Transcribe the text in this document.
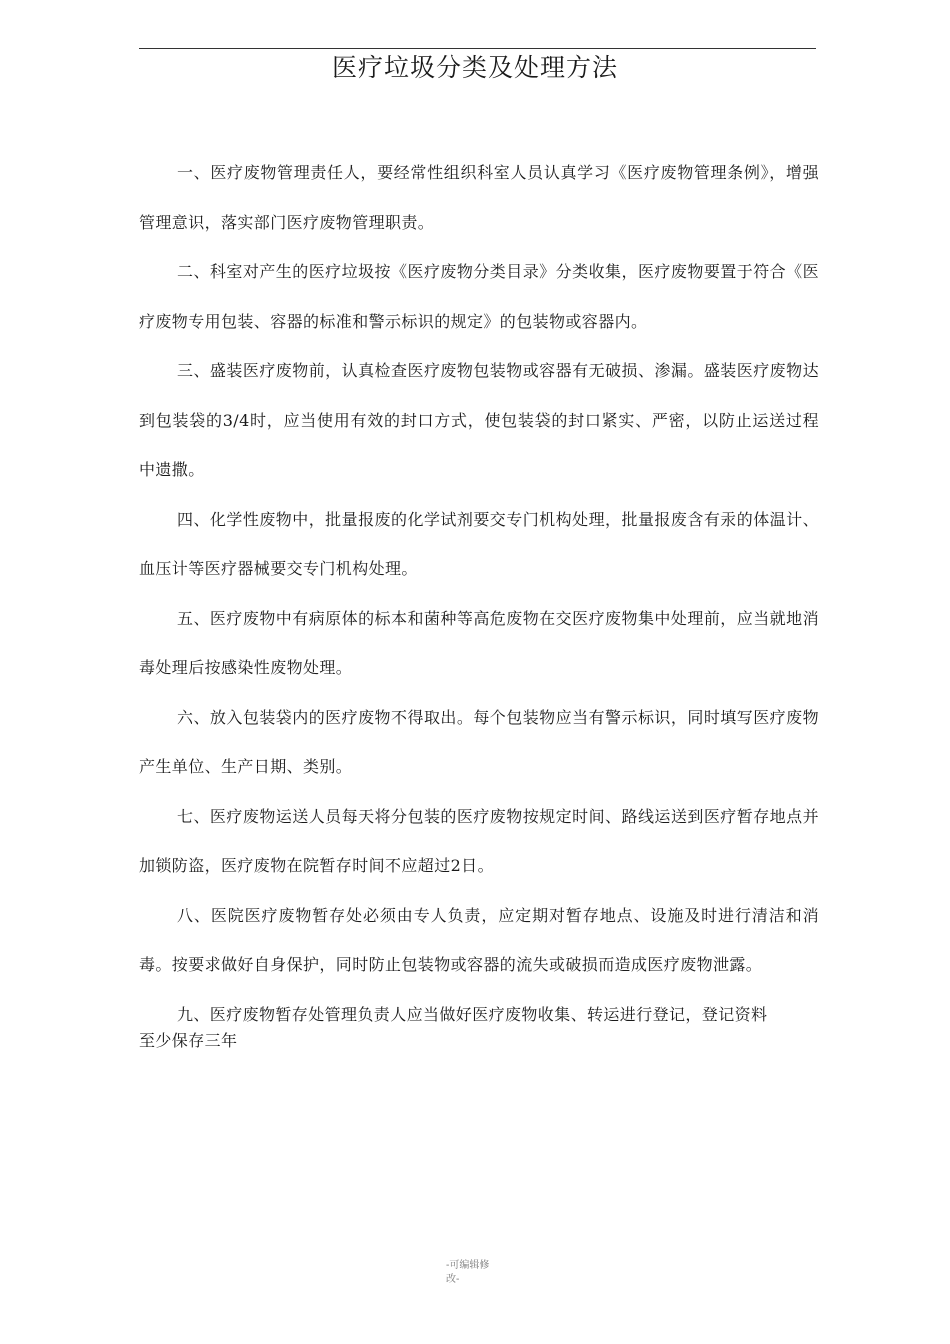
医疗垃圾分类及处理方法

一、医疗废物管理责任人，要经常性组织科室人员认真学习《医疗废物管理条例》，增强管理意识，落实部门医疗废物管理职责。

二、科室对产生的医疗垃圾按《医疗废物分类目录》分类收集，医疗废物要置于符合《医疗废物专用包装、容器的标准和警示标识的规定》的包装物或容器内。

三、盛装医疗废物前，认真检查医疗废物包装物或容器有无破损、渗漏。盛装医疗废物达到包装袋的3/4时，应当使用有效的封口方式，使包装袋的封口紧实、严密，以防止运送过程中遗撒。

四、化学性废物中，批量报废的化学试剂要交专门机构处理，批量报废含有汞的体温计、血压计等医疗器械要交专门机构处理。

五、医疗废物中有病原体的标本和菌种等高危废物在交医疗废物集中处理前，应当就地消毒处理后按感染性废物处理。

六、放入包装袋内的医疗废物不得取出。每个包装物应当有警示标识，同时填写医疗废物产生单位、生产日期、类别。

七、医疗废物运送人员每天将分包装的医疗废物按规定时间、路线运送到医疗暂存地点并加锁防盗，医疗废物在院暂存时间不应超过2日。

八、医院医疗废物暂存处必须由专人负责，应定期对暂存地点、设施及时进行清洁和消毒。按要求做好自身保护，同时防止包装物或容器的流失或破损而造成医疗废物泄露。

九、医疗废物暂存处管理负责人应当做好医疗废物收集、转运进行登记，登记资料至少保存三年

-可编辑修
改-
